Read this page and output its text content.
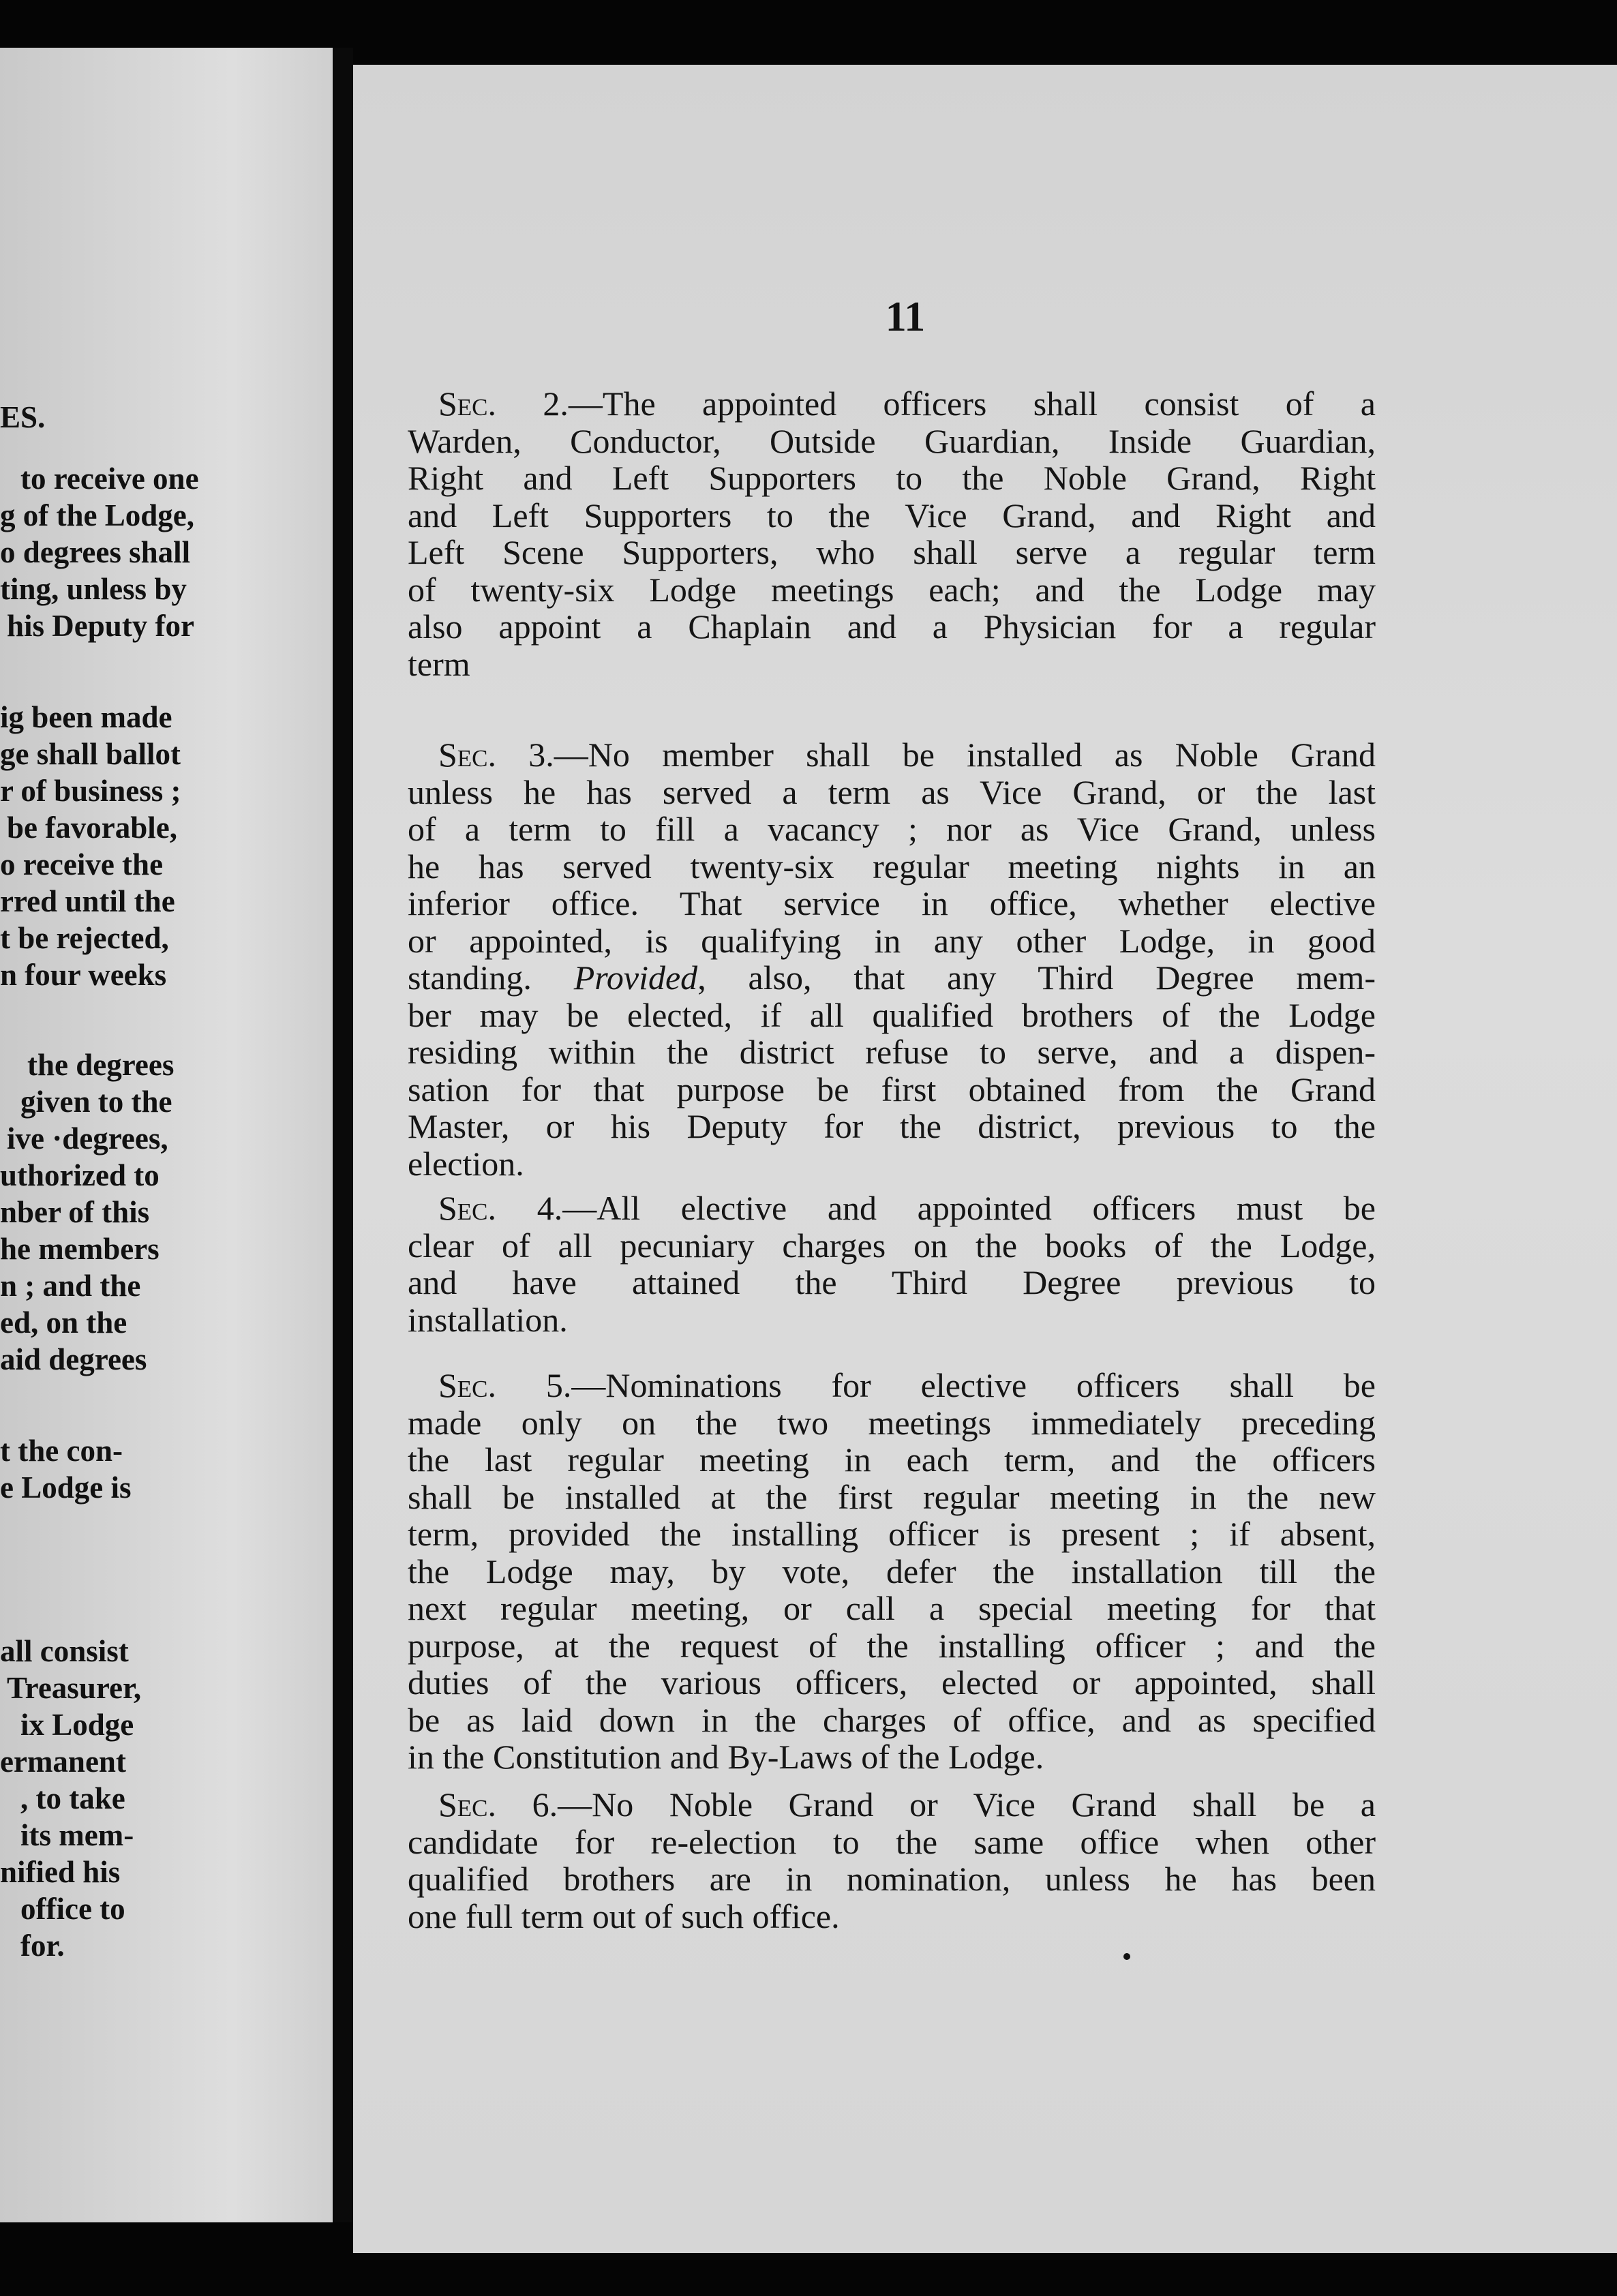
ES.
to receive one
g of the Lodge,
o degrees shall
ting, unless by
his Deputy for
ig been made
ge shall ballot
r of business ;
be favorable,
o receive the
rred until the
t be rejected,
n four weeks
the degrees
given to the
ive ·degrees,
uthorized to
nber of this
he members
n ; and the
ed, on the
aid degrees
t the con-
e Lodge is
all consist
Treasurer,
ix Lodge
ermanent
, to take
its mem-
nified his
office to
for.
11
Sec. 2.—The appointed officers shall consist of a
Warden, Conductor, Outside Guardian, Inside Guardian,
Right and Left Supporters to the Noble Grand, Right
and Left Supporters to the Vice Grand, and Right and
Left Scene Supporters, who shall serve a regular term
of twenty-six Lodge meetings each; and the Lodge may
also appoint a Chaplain and a Physician for a regular
term
Sec. 3.—No member shall be installed as Noble Grand
unless he has served a term as Vice Grand, or the last
of a term to fill a vacancy ; nor as Vice Grand, unless
he has served twenty-six regular meeting nights in an
inferior office. That service in office, whether elective
or appointed, is qualifying in any other Lodge, in good
standing. Provided, also, that any Third Degree mem-
ber may be elected, if all qualified brothers of the Lodge
residing within the district refuse to serve, and a dispen-
sation for that purpose be first obtained from the Grand
Master, or his Deputy for the district, previous to the
election.
Sec. 4.—All elective and appointed officers must be
clear of all pecuniary charges on the books of the Lodge,
and have attained the Third Degree previous to
installation.
Sec. 5.—Nominations for elective officers shall be
made only on the two meetings immediately preceding
the last regular meeting in each term, and the officers
shall be installed at the first regular meeting in the new
term, provided the installing officer is present ; if absent,
the Lodge may, by vote, defer the installation till the
next regular meeting, or call a special meeting for that
purpose, at the request of the installing officer ; and the
duties of the various officers, elected or appointed, shall
be as laid down in the charges of office, and as specified
in the Constitution and By-Laws of the Lodge.
Sec. 6.—No Noble Grand or Vice Grand shall be a
candidate for re-election to the same office when other
qualified brothers are in nomination, unless he has been
one full term out of such office.
